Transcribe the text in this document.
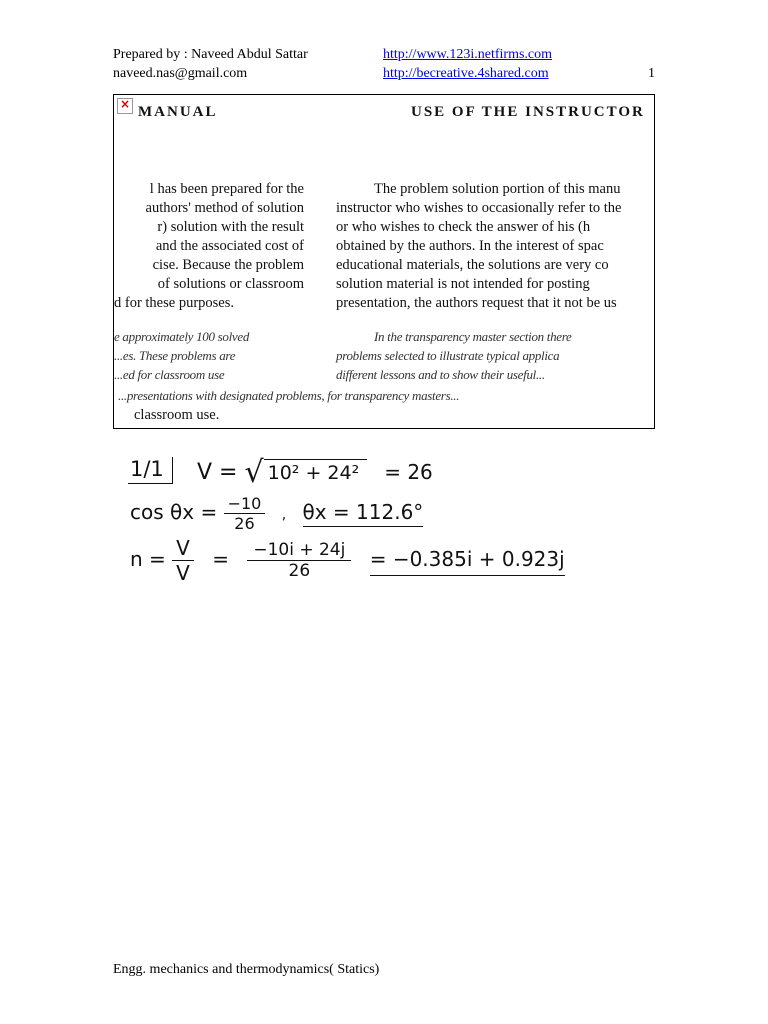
Prepared by : Naveed Abdul Sattar
naveed.nas@gmail.com
http://www.123i.netfirms.com
http://becreative.4shared.com	1
× MANUAL	USE OF THE INSTRUCTOR
l has been prepared for the
authors' method of solution
r) solution with the result
and the associated cost of
cise. Because the problem
of solutions or classroom
d for these purposes.
The problem solution portion of this manu
instructor who wishes to occasionally refer to the
or who wishes to check the answer of his (h
obtained by the authors. In the interest of spac
educational materials, the solutions are very co
solution material is not intended for posting
presentation, the authors request that it not be us
e approximately 100 solved
...es. These problems are
...ed for classroom use
In the transparency master section there
problems selected to illustrate typical applica
different lessons and to show their useful...
...presentations with designated problems, for transparency masters...
classroom use.
1/1	V = √ 10² + 24² = 26
$\cos \theta x = \frac{-10}{26}$ , θx = 112.6°
$n = \frac{V}{V} = \frac{-10i + 24j}{26} = -0.385i + 0.923j$
Engg. mechanics and thermodynamics( Statics)
